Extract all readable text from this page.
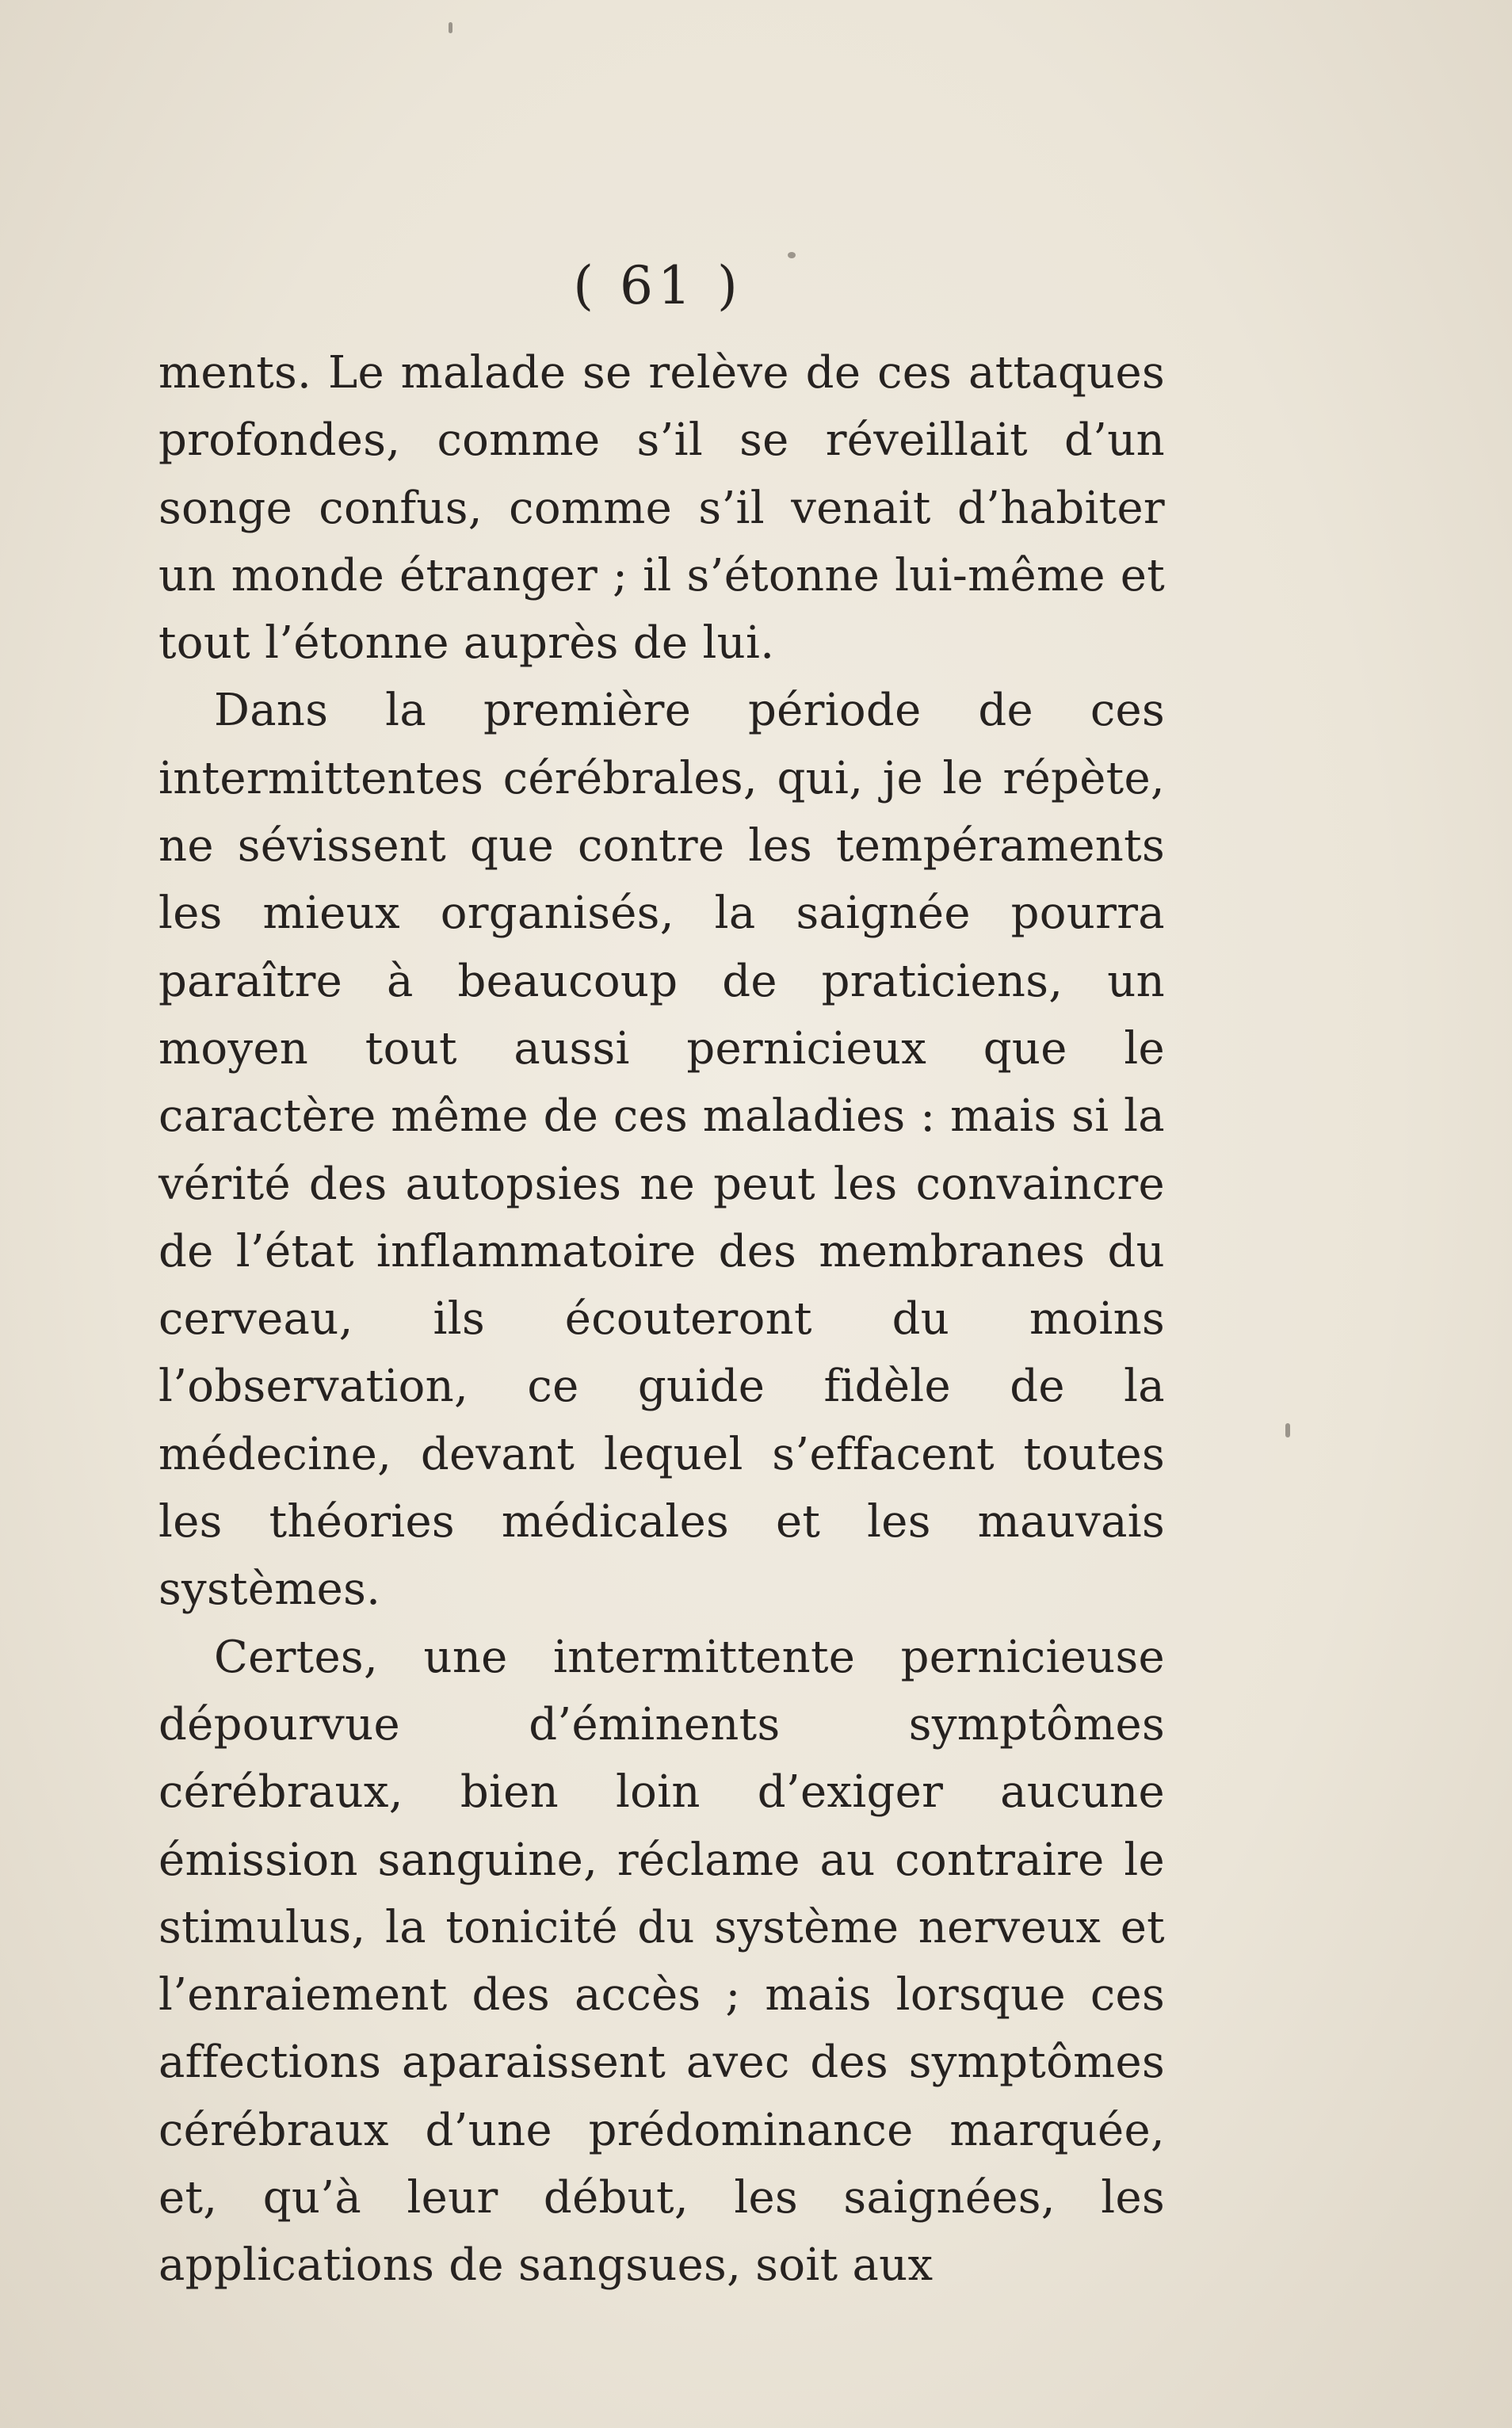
( 61 )

ments. Le malade se relève de ces attaques profondes, comme s’il se réveillait d’un songe confus, comme s’il venait d’habiter un monde étranger ; il s’étonne lui-même et tout l’étonne auprès de lui.

Dans la première période de ces intermittentes cérébrales, qui, je le répète, ne sévissent que contre les tempéraments les mieux organisés, la saignée pourra paraître à beaucoup de praticiens, un moyen tout aussi pernicieux que le caractère même de ces maladies : mais si la vérité des autopsies ne peut les convaincre de l’état inflammatoire des membranes du cerveau, ils écouteront du moins l’observation, ce guide fidèle de la médecine, devant lequel s’effacent toutes les théories médicales et les mauvais systèmes.

Certes, une intermittente pernicieuse dépourvue d’éminents symptômes cérébraux, bien loin d’exiger aucune émission sanguine, réclame au contraire le stimulus, la tonicité du système nerveux et l’enraiement des accès ; mais lorsque ces affections aparaissent avec des symptômes cérébraux d’une prédominance marquée, et, qu’à leur début, les saignées, les applications de sangsues, soit aux
